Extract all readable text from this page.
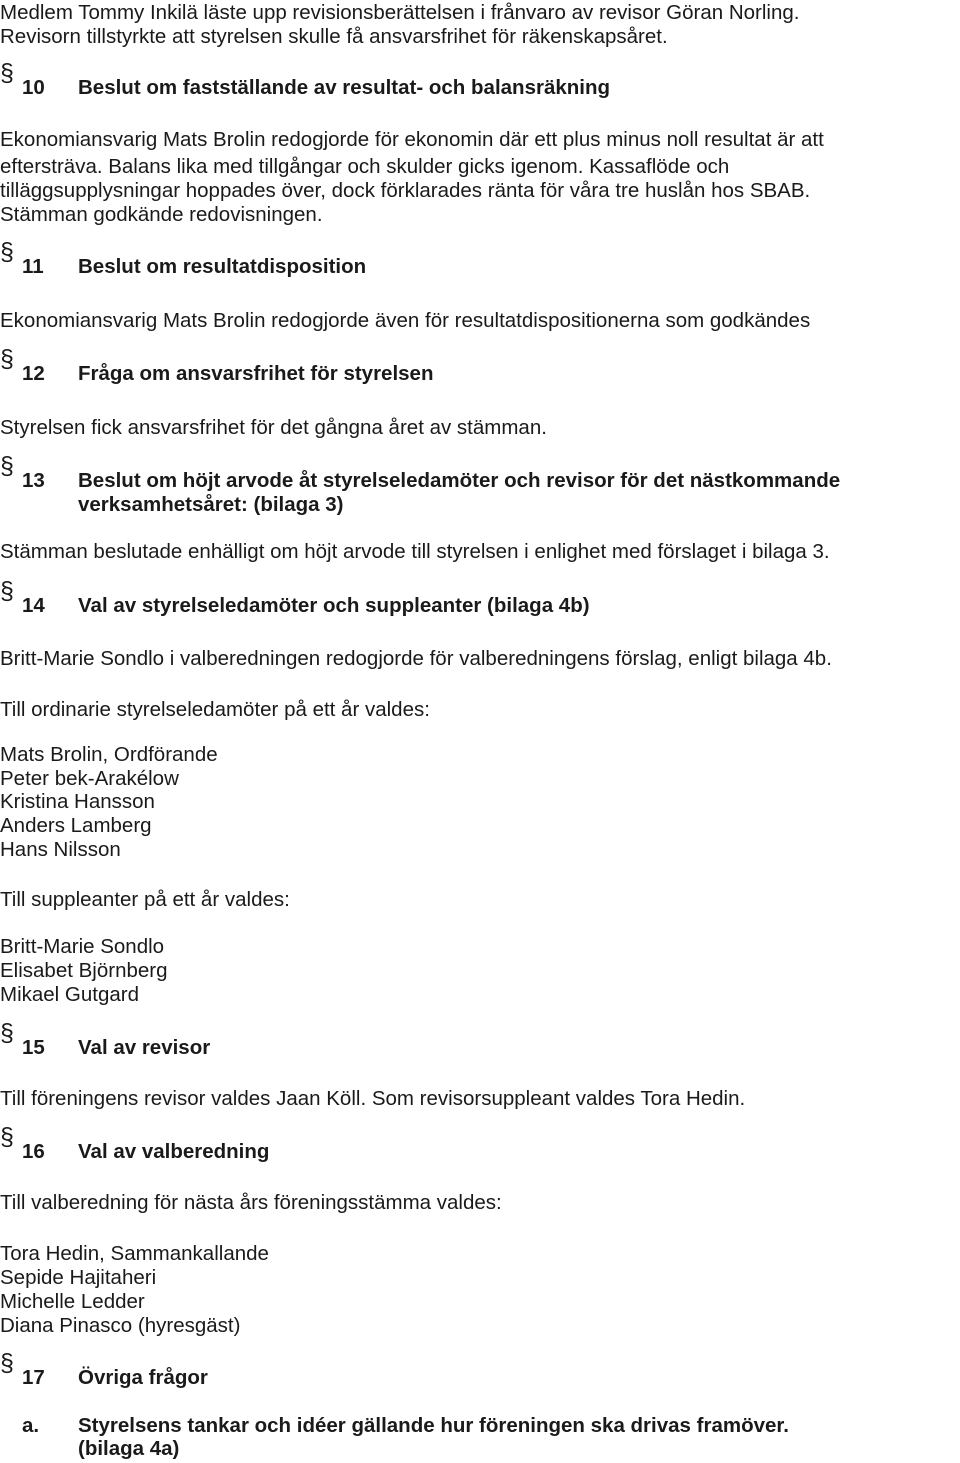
Medlem Tommy Inkilä läste upp revisionsberättelsen i frånvaro av revisor Göran Norling.

Revisorn tillstyrkte att styrelsen skulle få ansvarsfrihet för räkenskapsåret.

§
10 Beslut om fastställande av resultat- och balansräkning

Ekonomiansvarig Mats Brolin redogjorde för ekonomin där ett plus minus noll resultat är att

eftersträva. Balans lika med tillgångar och skulder gicks igenom. Kassaflöde och

tilläggsupplysningar hoppades över, dock förklarades ränta för våra tre huslån hos SBAB.

Stämman godkände redovisningen.

§
11 Beslut om resultatdisposition

Ekonomiansvarig Mats Brolin redogjorde även för resultatdispositionerna som godkändes

§
12 Fråga om ansvarsfrihet för styrelsen

Styrelsen fick ansvarsfrihet för det gångna året av stämman.

§
13 Beslut om höjt arvode åt styrelseledamöter och revisor för det nästkommande
verksamhetsåret: (bilaga 3)

Stämman beslutade enhälligt om höjt arvode till styrelsen i enlighet med förslaget i bilaga 3.

§
14 Val av styrelseledamöter och suppleanter (bilaga 4b)

Britt-Marie Sondlo i valberedningen redogjorde för valberedningens förslag, enligt bilaga 4b.

Till ordinarie styrelseledamöter på ett år valdes:

Mats Brolin, Ordförande

Peter bek-Arakélow

Kristina Hansson

Anders Lamberg

Hans Nilsson

Till suppleanter på ett år valdes:

Britt-Marie Sondlo

Elisabet Björnberg

Mikael Gutgard

§
15 Val av revisor

Till föreningens revisor valdes Jaan Köll. Som revisorsuppleant valdes Tora Hedin.

§
16 Val av valberedning

Till valberedning för nästa års föreningsstämma valdes:

Tora Hedin, Sammankallande

Sepide Hajitaheri

Michelle Ledder

Diana Pinasco (hyresgäst)

§
17 Övriga frågor
a. Styrelsens tankar och idéer gällande hur föreningen ska drivas framöver.
(bilaga 4a)
